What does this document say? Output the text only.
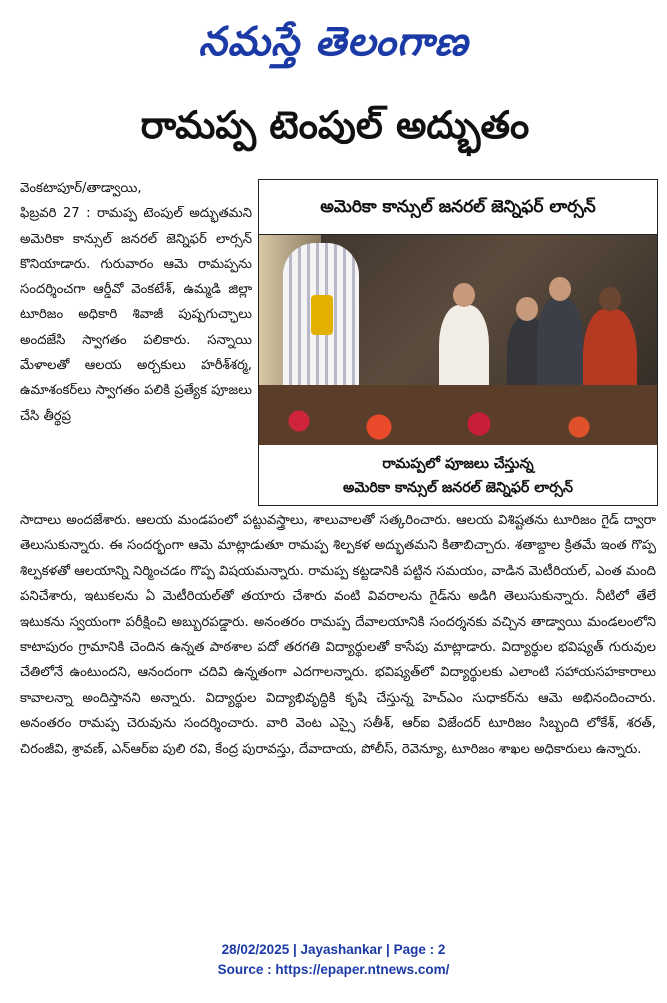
నమస్తే తెలంగాణ
రామప్ప టెంపుల్ అద్భుతం

వెంకటాపూర్/తాడ్వాయి,

ఫిబ్రవరి 27 : రామప్ప టెంపుల్ అద్భుతమని అమెరికా కాన్సుల్ జనరల్ జెన్నిఫర్ లార్సన్ కొనియాడారు. గురువారం ఆమె రామప్పను సందర్శించగా ఆర్డీవో వెంకటేశ్, ఉమ్మడి జిల్లా టూరిజం అధికారి శివాజీ పుష్పగుచ్ఛాలు అందజేసి స్వాగతం పలికారు. సన్నాయి మేళాలతో ఆలయ అర్చకులు హరీశ్‌శర్మ, ఉమాశంకర్‌లు స్వాగతం పలికి ప్రత్యేక పూజలు చేసి తీర్థప్ర

అమెరికా కాన్సుల్ జనరల్ జెన్నిఫర్ లార్సన్
రామప్పలో పూజలు చేస్తున్న
అమెరికా కాన్సుల్ జనరల్ జెన్నిఫర్ లార్సన్

సాదాలు అందజేశారు. ఆలయ మండపంలో పట్టువస్త్రాలు, శాలువాలతో సత్కరించారు. ఆలయ విశిష్టతను టూరిజం గైడ్ ద్వారా తెలుసుకున్నారు. ఈ సందర్భంగా ఆమె మాట్లాడుతూ రామప్ప శిల్పకళ అద్భుతమని కితాబిచ్చారు. శతాబ్దాల క్రితమే ఇంత గొప్ప శిల్పకళతో ఆలయాన్ని నిర్మించడం గొప్ప విషయమన్నారు. రామప్ప కట్టడానికి పట్టిన సమయం, వాడిన మెటీరియల్, ఎంత మంది పనిచేశారు, ఇటుకలను ఏ మెటీరియల్‌తో తయారు చేశారు వంటి వివరాలను గైడ్‌ను అడిగి తెలుసుకున్నారు. నీటిలో తేలే ఇటుకను స్వయంగా పరీక్షించి అబ్బురపడ్డారు. అనంతరం రామప్ప దేవాలయానికి సందర్శనకు వచ్చిన తాడ్వాయి మండలంలోని కాటాపురం గ్రామానికి చెందిన ఉన్నత పాఠశాల పదో తరగతి విద్యార్థులతో కాసేపు మాట్లాడారు. విద్యార్థుల భవిష్యత్ గురువుల చేతిలోనే ఉంటుందని, ఆనందంగా చదివి ఉన్నతంగా ఎదగాలన్నారు. భవిష్యత్‌లో విద్యార్థులకు ఎలాంటి సహాయసహకారాలు కావాలన్నా అందిస్తానని అన్నారు. విద్యార్థుల విద్యాభివృద్ధికి కృషి చేస్తున్న హెచ్‌ఎం సుధాకర్‌ను ఆమె అభినందించారు. అనంతరం రామప్ప చెరువును సందర్శించారు. వారి వెంట ఎస్సై సతీశ్, ఆర్‌ఐ విజేందర్ టూరిజం సిబ్బంది లోకేశ్, శరత్, చిరంజీవి, శ్రావణ్, ఎన్‌ఆర్‌ఐ పులి రవి, కేంద్ర పురావస్తు, దేవాదాయ, పోలీస్, రెవెన్యూ, టూరిజం శాఖల అధికారులు ఉన్నారు.

28/02/2025 | Jayashankar | Page : 2
Source : https://epaper.ntnews.com/
